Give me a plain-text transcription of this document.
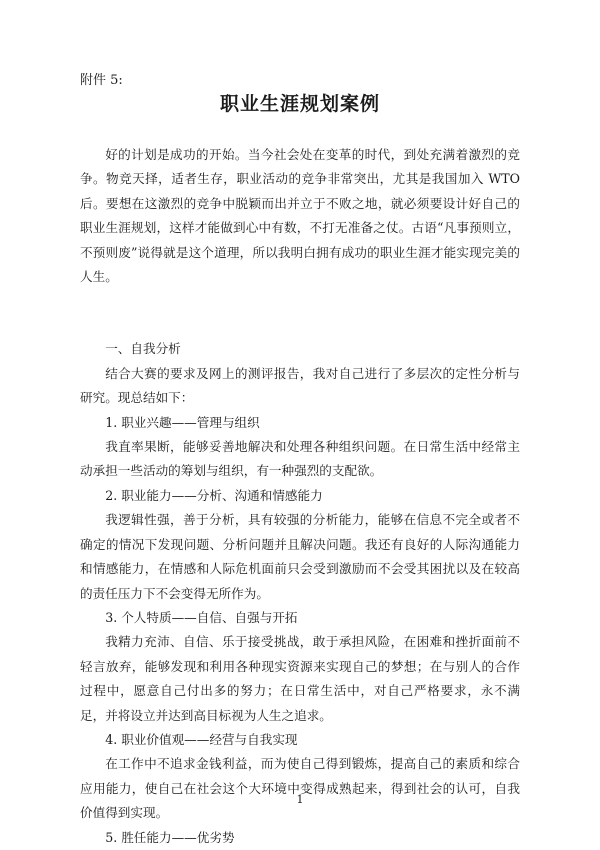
附件 5:
职业生涯规划案例

好的计划是成功的开始。当今社会处在变革的时代，到处充满着激烈的竞争。物竞天择，适者生存，职业活动的竞争非常突出，尤其是我国加入 WTO 后。要想在这激烈的竞争中脱颖而出并立于不败之地，就必须要设计好自己的职业生涯规划，这样才能做到心中有数，不打无准备之仗。古语“凡事预则立，不预则废”说得就是这个道理，所以我明白拥有成功的职业生涯才能实现完美的人生。

一、自我分析

结合大赛的要求及网上的测评报告，我对自己进行了多层次的定性分析与研究。现总结如下：

1. 职业兴趣——管理与组织

我直率果断，能够妥善地解决和处理各种组织问题。在日常生活中经常主动承担一些活动的筹划与组织，有一种强烈的支配欲。

2. 职业能力——分析、沟通和情感能力

我逻辑性强，善于分析，具有较强的分析能力，能够在信息不完全或者不确定的情况下发现问题、分析问题并且解决问题。我还有良好的人际沟通能力和情感能力，在情感和人际危机面前只会受到激励而不会受其困扰以及在较高的责任压力下不会变得无所作为。

3. 个人特质——自信、自强与开拓

我精力充沛、自信、乐于接受挑战，敢于承担风险，在困难和挫折面前不轻言放弃，能够发现和利用各种现实资源来实现自己的梦想；在与别人的合作过程中，愿意自己付出多的努力；在日常生活中，对自己严格要求，永不满足，并将设立并达到高目标视为人生之追求。

4. 职业价值观——经营与自我实现

在工作中不追求金钱利益，而为使自己得到锻炼，提高自己的素质和综合应用能力，使自己在社会这个大环境中变得成熟起来，得到社会的认可，自我价值得到实现。

5. 胜任能力——优劣势

1
